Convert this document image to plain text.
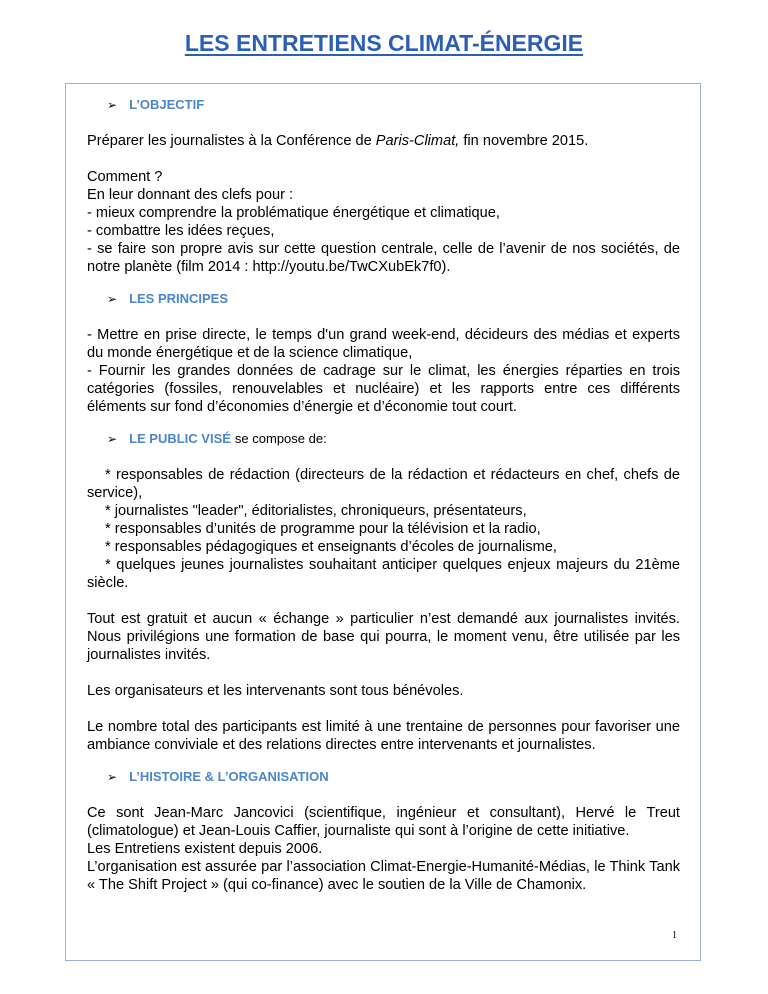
LES ENTRETIENS CLIMAT-ÉNERGIE
➢ L’OBJECTIF

Préparer les journalistes à la Conférence de Paris-Climat, fin novembre 2015.

Comment ?

En leur donnant des clefs pour :

- mieux comprendre la problématique énergétique et climatique,

- combattre les idées reçues,

- se faire son propre avis sur cette question centrale, celle de l’avenir de nos sociétés, de notre planète (film 2014 : http://youtu.be/TwCXubEk7f0).

➢ LES PRINCIPES

- Mettre en prise directe, le temps d'un grand week-end, décideurs des médias et experts du monde énergétique et de la science climatique,

- Fournir les grandes données de cadrage sur le climat, les énergies réparties en trois catégories (fossiles, renouvelables et nucléaire) et les rapports entre ces différents éléments sur fond d’économies d’énergie et d’économie tout court.

➢ LE PUBLIC VISÉ se compose de:

* responsables de rédaction (directeurs de la rédaction et rédacteurs en chef, chefs de service),

* journalistes "leader", éditorialistes, chroniqueurs, présentateurs,

* responsables d’unités de programme pour la télévision et la radio,

* responsables pédagogiques et enseignants d’écoles de journalisme,

* quelques jeunes journalistes souhaitant anticiper quelques enjeux majeurs du 21ème siècle.

Tout est gratuit et aucun « échange » particulier n’est demandé aux journalistes invités. Nous privilégions une formation de base qui pourra, le moment venu, être utilisée par les journalistes invités.

Les organisateurs et les intervenants sont tous bénévoles.

Le nombre total des participants est limité à une trentaine de personnes pour favoriser une ambiance conviviale et des relations directes entre intervenants et journalistes.

➢ L’HISTOIRE & L’ORGANISATION

Ce sont Jean-Marc Jancovici (scientifique, ingénieur et consultant), Hervé le Treut (climatologue) et Jean-Louis Caffier, journaliste qui sont à l’origine de cette initiative.

Les Entretiens existent depuis 2006.

L’organisation est assurée par l’association Climat-Energie-Humanité-Médias, le Think Tank « The Shift Project » (qui co-finance) avec le soutien de la Ville de Chamonix.

1
